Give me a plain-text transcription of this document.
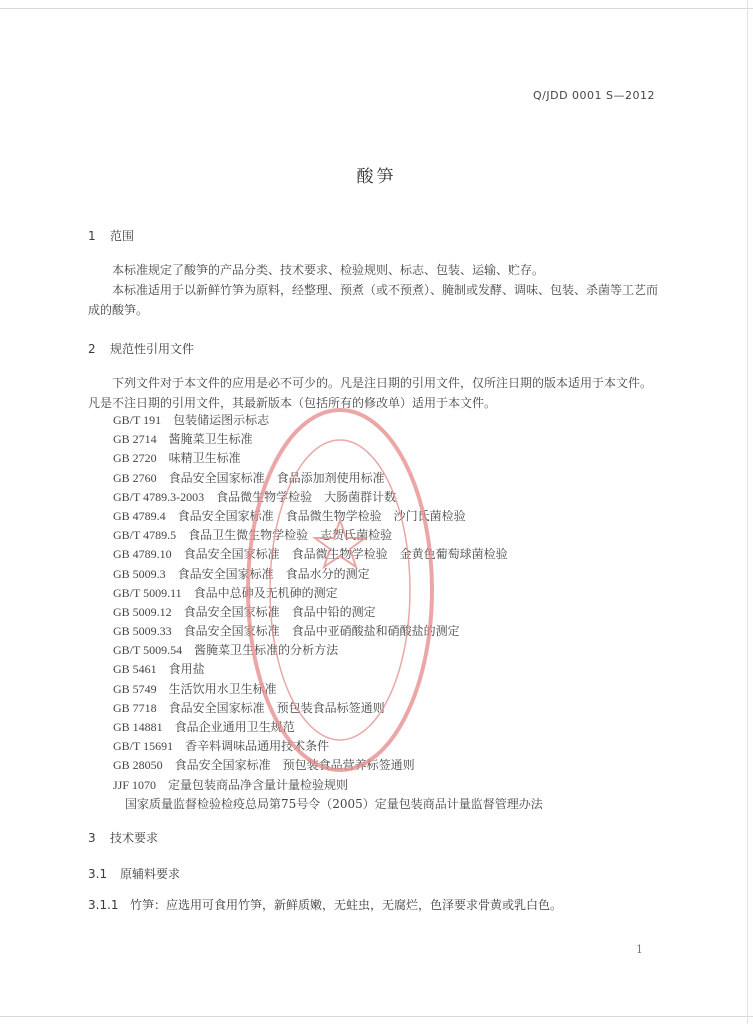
Q/JDD 0001 S—2012
酸笋
1 范围
本标准规定了酸笋的产品分类、技术要求、检验规则、标志、包装、运输、贮存。
本标准适用于以新鲜竹笋为原料，经整理、预煮（或不预煮）、腌制或发酵、调味、包装、杀菌等工艺而成的酸笋。
2 规范性引用文件
下列文件对于本文件的应用是必不可少的。凡是注日期的引用文件，仅所注日期的版本适用于本文件。凡是不注日期的引用文件，其最新版本（包括所有的修改单）适用于本文件。
GB/T 191 包装储运图示标志
GB 2714 酱腌菜卫生标准
GB 2720 味精卫生标准
GB 2760 食品安全国家标准　食品添加剂使用标准
GB/T 4789.3-2003 食品微生物学检验　大肠菌群计数
GB 4789.4 食品安全国家标准　食品微生物学检验　沙门氏菌检验
GB/T 4789.5 食品卫生微生物学检验　志贺氏菌检验
GB 4789.10 食品安全国家标准　食品微生物学检验　金黄色葡萄球菌检验
GB 5009.3 食品安全国家标准　食品水分的测定
GB/T 5009.11 食品中总砷及无机砷的测定
GB 5009.12 食品安全国家标准　食品中铅的测定
GB 5009.33 食品安全国家标准　食品中亚硝酸盐和硝酸盐的测定
GB/T 5009.54 酱腌菜卫生标准的分析方法
GB 5461 食用盐
GB 5749 生活饮用水卫生标准
GB 7718 食品安全国家标准　预包装食品标签通则
GB 14881 食品企业通用卫生规范
GB/T 15691 香辛料调味品通用技术条件
GB 28050 食品安全国家标准　预包装食品营养标签通则
JJF 1070 定量包装商品净含量计量检验规则
国家质量监督检验检疫总局第75号令（2005）定量包装商品计量监督管理办法
3 技术要求
3.1 原辅料要求
3.1.1 竹笋：应选用可食用竹笋，新鲜质嫩，无蛀虫，无腐烂，色泽要求骨黄或乳白色。
1
